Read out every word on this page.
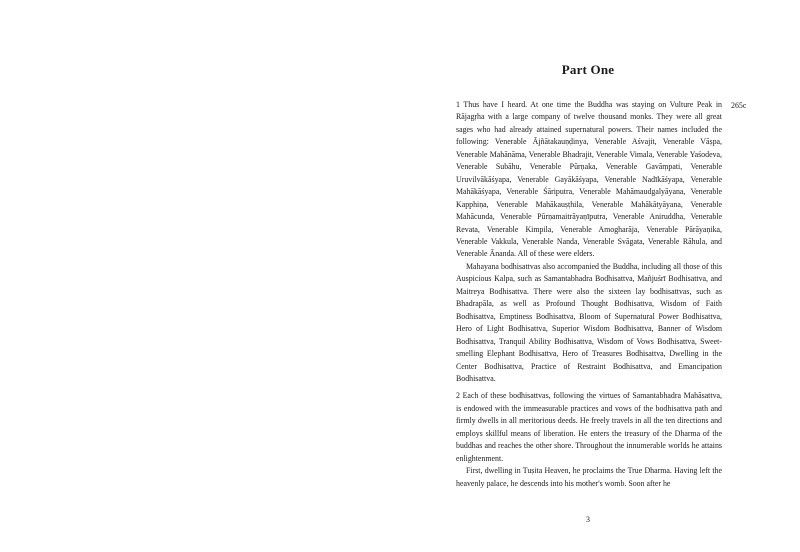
Part One
265c

1 Thus have I heard. At one time the Buddha was staying on Vulture Peak in Rājagṛha with a large company of twelve thousand monks. They were all great sages who had already attained supernatural powers. Their names included the following: Venerable Ājñātakauṇḍinya, Venerable Aśvajit, Venerable Vāṣpa, Venerable Mahānāma, Venerable Bhadrajit, Venerable Vimala, Venerable Yaśodeva, Venerable Subāhu, Venerable Pūrṇaka, Venerable Gavāṃpati, Venerable Uruvilvākāśyapa, Venerable Gayākāśyapa, Venerable Nadīkāśyapa, Venerable Mahākāśyapa, Venerable Śāriputra, Venerable Mahāmaudgalyāyana, Venerable Kapphiṇa, Venerable Mahākauṣṭhila, Venerable Mahākātyāyana, Venerable Mahācunda, Venerable Pūrṇamaitrāyaṇīputra, Venerable Aniruddha, Venerable Revata, Venerable Kimpila, Venerable Amogharāja, Venerable Pārāyaṇika, Venerable Vakkula, Venerable Nanda, Venerable Svāgata, Venerable Rāhula, and Venerable Ānanda. All of these were elders.

Mahayana bodhisattvas also accompanied the Buddha, including all those of this Auspicious Kalpa, such as Samantabhadra Bodhisattva, Mañjuśrī Bodhisattva, and Maitreya Bodhisattva. There were also the sixteen lay bodhisattvas, such as Bhadrapāla, as well as Profound Thought Bodhisattva, Wisdom of Faith Bodhisattva, Emptiness Bodhisattva, Bloom of Supernatural Power Bodhisattva, Hero of Light Bodhisattva, Superior Wisdom Bodhisattva, Banner of Wisdom Bodhisattva, Tranquil Ability Bodhisattva, Wisdom of Vows Bodhisattva, Sweet-smelling Elephant Bodhisattva, Hero of Treasures Bodhisattva, Dwelling in the Center Bodhisattva, Practice of Restraint Bodhisattva, and Emancipation Bodhisattva.

2 Each of these bodhisattvas, following the virtues of Samantabhadra Mahāsattva, is endowed with the immeasurable practices and vows of the bodhisattva path and firmly dwells in all meritorious deeds. He freely travels in all the ten directions and employs skillful means of liberation. He enters the treasury of the Dharma of the buddhas and reaches the other shore. Throughout the innumerable worlds he attains enlightenment.

First, dwelling in Tuṣita Heaven, he proclaims the True Dharma. Having left the heavenly palace, he descends into his mother's womb. Soon after he

3
